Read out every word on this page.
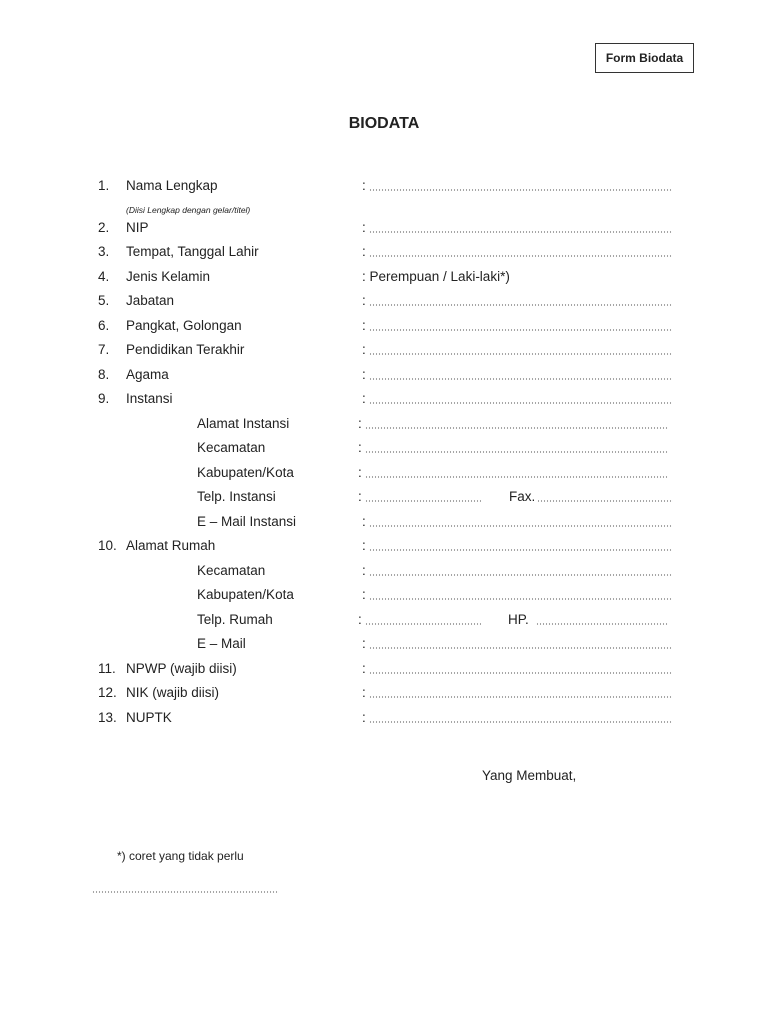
Form Biodata
BIODATA
1. Nama Lengkap	:
(Diisi Lengkap dengan gelar/titel)
2. NIP	:
3. Tempat, Tanggal Lahir	:
4. Jenis Kelamin	: Perempuan / Laki-laki*)
5. Jabatan	:
6. Pangkat, Golongan	:
7. Pendidikan Terakhir	:
8. Agama	:
9. Instansi	:
Alamat Instansi	:
Kecamatan	:
Kabupaten/Kota	:
Telp. Instansi	:	Fax.
E – Mail Instansi	:
10. Alamat Rumah	:
Kecamatan	:
Kabupaten/Kota	:
Telp. Rumah	:	HP.
E – Mail	:
11. NPWP (wajib diisi)	:
12. NIK (wajib diisi)	:
13. NUPTK	:
Yang Membuat,
*) coret yang tidak perlu
